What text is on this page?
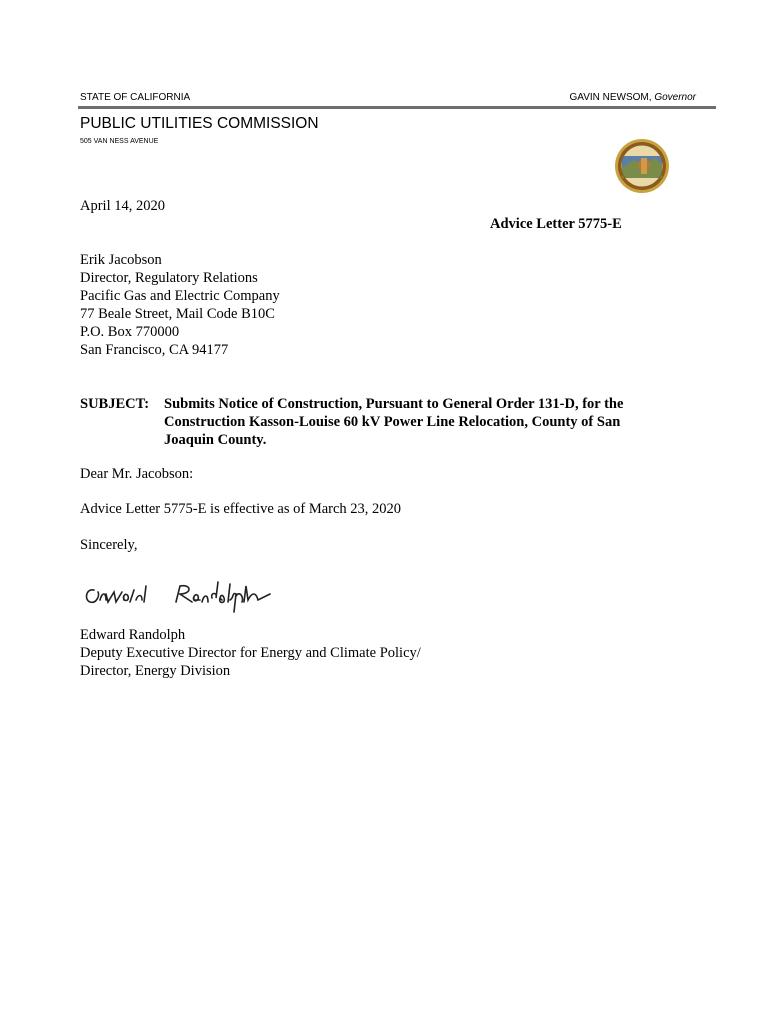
STATE OF CALIFORNIA	GAVIN NEWSOM, Governor
PUBLIC UTILITIES COMMISSION
505 VAN NESS AVENUE
April 14, 2020
Advice Letter 5775-E
Erik Jacobson
Director, Regulatory Relations
Pacific Gas and Electric Company
77 Beale Street, Mail Code B10C
P.O. Box 770000
San Francisco, CA 94177
SUBJECT: Submits Notice of Construction, Pursuant to General Order 131-D, for the Construction Kasson-Louise 60 kV Power Line Relocation, County of San Joaquin County.
Dear Mr. Jacobson:
Advice Letter 5775-E is effective as of March 23, 2020
Sincerely,
Edward Randolph
Deputy Executive Director for Energy and Climate Policy/
Director, Energy Division
